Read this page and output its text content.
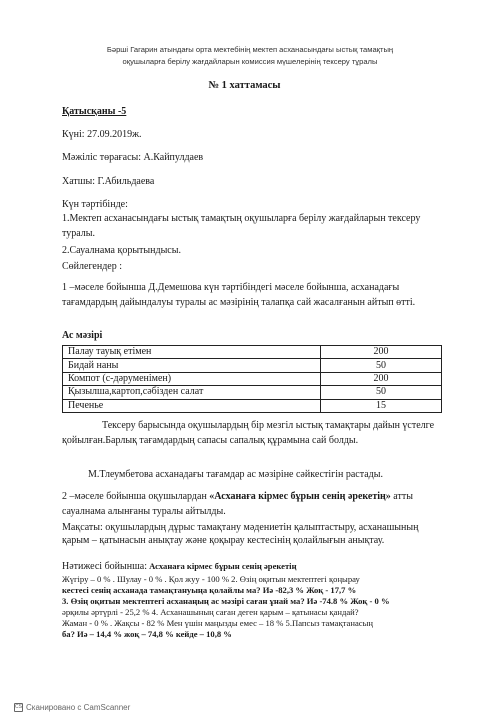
Бәрші Гагарин атындағы орта мектебінің мектеп асханасындағы ыстық тамақтың
оқушыларға берілу жағдайларын комиссия мүшелерінің тексеру тұралы
№ 1 хаттамасы
Қатысқаны -5
Күні: 27.09.2019ж.
Мәжіліс төрағасы: А.Кайпулдаев
Хатшы: Г.Абильдаева
Күн тәртібінде:
1.Мектеп асханасындағы ыстық тамақтың оқушыларға берілу жағдайларын тексеру туралы.
2.Сауалнама қорытындысы.
Сөйлегендер :
1 –мәселе бойынша Д.Демешова күн тәртібіндегі мәселе бойынша, асханадағы тағамдардың дайындалуы туралы ас мәзірінің талапқа сай жасалғанын айтып өтті.
Ас мәзірі
Палау тауық етімен	200
Бидай наны	50
Компот (с-дәруменімен)	200
Қызылша,картоп,сәбізден салат	50
Печенье	15
Тексеру барысында оқушылардың бір мезгіл ыстық тамақтары дайын үстелге қойылған.Барлық тағамдардың сапасы сапалық құрамына сай болды.
М.Тлеумбетова асханадағы тағамдар ас мәзіріне сәйкестігін растады.
2 –мәселе бойынша оқушылардан «Асханаға кірмес бұрын сенің әрекетің» атты сауалнама алынғаны туралы айтылды.
Мақсаты: оқушылардың дұрыс тамақтану мәдениетін қалыптастыру, асханашының қарым – қатынасын анықтау және қоқырау кестесінің қолайлығын анықтау.
Нәтижесі бойынша: Асханаға кірмес бұрын сенің әрекетің
Жүгіру – 0 % . Шулау - 0 % . Қол жуу - 100 % 2. Өзің оқитын мектептегі қоңырау
кестесі сенің асханада тамақтануыңа қолайлы ма? Иә -82,3 % Жоқ - 17,7 %
3. Өзің оқитын мектептегі асханаңың ас мәзірі саған ұнай ма? Иә -74.8 % Жоқ - 0 %
әрқилы әртүрлі - 25,2 % 4. Асханашының саған деген қарым – қатынасы қандай?
Жаман - 0 % . Жақсы - 82 % Мен үшін маңызды емес – 18 % 5.Папсыз тамақтанасың
ба? Иә – 14,4 % жоқ – 74,8 % кейде – 10,8 %
CS Сканировано с CamScanner
